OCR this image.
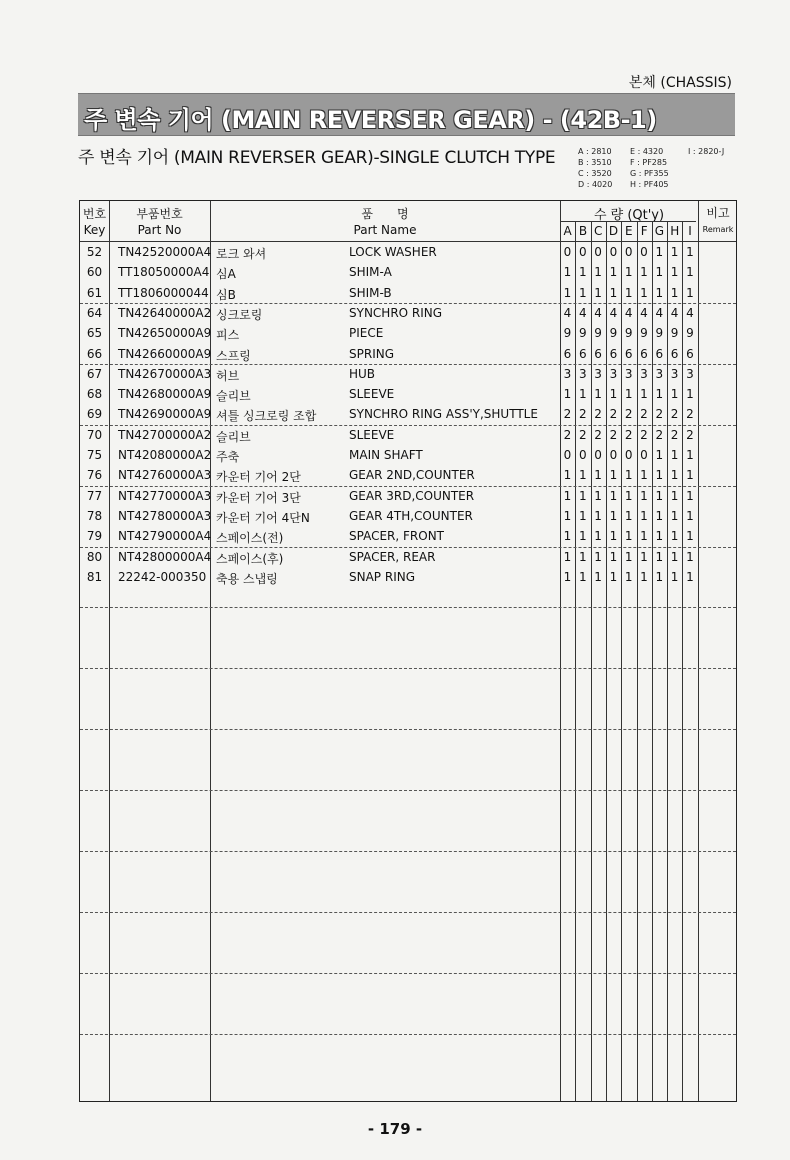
본체 (CHASSIS)
주 변속 기어 (MAIN REVERSER GEAR) - (42B-1)
주 변속 기어 (MAIN REVERSER GEAR)-SINGLE CLUTCH TYPE	A : 2810
B : 3510
C : 3520
D : 4020
E : 4320
F : PF285
G : PF355
H : PF405
I : 2820-J
번호
Key
부품번호
Part No
품　　명
Part Name
수 량 (Qt'y)	비고
Remark
A B C D E F G H I
52	TN42520000A4 로크 와셔	LOCK WASHER	0 0 0 0 0 0 1 1 1
60	TT18050000A4 심A	SHIM-A	1 1 1 1 1 1 1 1 1
61	TT1806000044 심B	SHIM-B	1 1 1 1 1 1 1 1 1
64	TN42640000A2 싱크로링	SYNCHRO RING	4 4 4 4 4 4 4 4 4
65	TN42650000A9 피스	PIECE	9 9 9 9 9 9 9 9 9
66	TN42660000A9 스프링	SPRING	6 6 6 6 6 6 6 6 6
67	TN42670000A3 허브	HUB	3 3 3 3 3 3 3 3 3
68	TN42680000A9 슬리브	SLEEVE	1 1 1 1 1 1 1 1 1
69	TN42690000A9 셔틀 싱크로링 조합	SYNCHRO RING ASS'Y,SHUTTLE 2 2 2 2 2 2 2 2 2
70	TN42700000A2 슬리브	SLEEVE	2 2 2 2 2 2 2 2 2
75	NT42080000A2 주축	MAIN SHAFT	0 0 0 0 0 0 1 1 1
76	NT42760000A3 카운터 기어 2단	GEAR 2ND,COUNTER	1 1 1 1 1 1 1 1 1
77	NT42770000A3 카운터 기어 3단	GEAR 3RD,COUNTER	1 1 1 1 1 1 1 1 1
78	NT42780000A3 카운터 기어 4단N	GEAR 4TH,COUNTER	1 1 1 1 1 1 1 1 1
79	NT42790000A4 스페이스(전)	SPACER, FRONT	1 1 1 1 1 1 1 1 1
80	NT42800000A4 스페이스(후)	SPACER, REAR	1 1 1 1 1 1 1 1 1
81	22242-000350 축용 스냅링	SNAP RING	1 1 1 1 1 1 1 1 1
- 179 -
